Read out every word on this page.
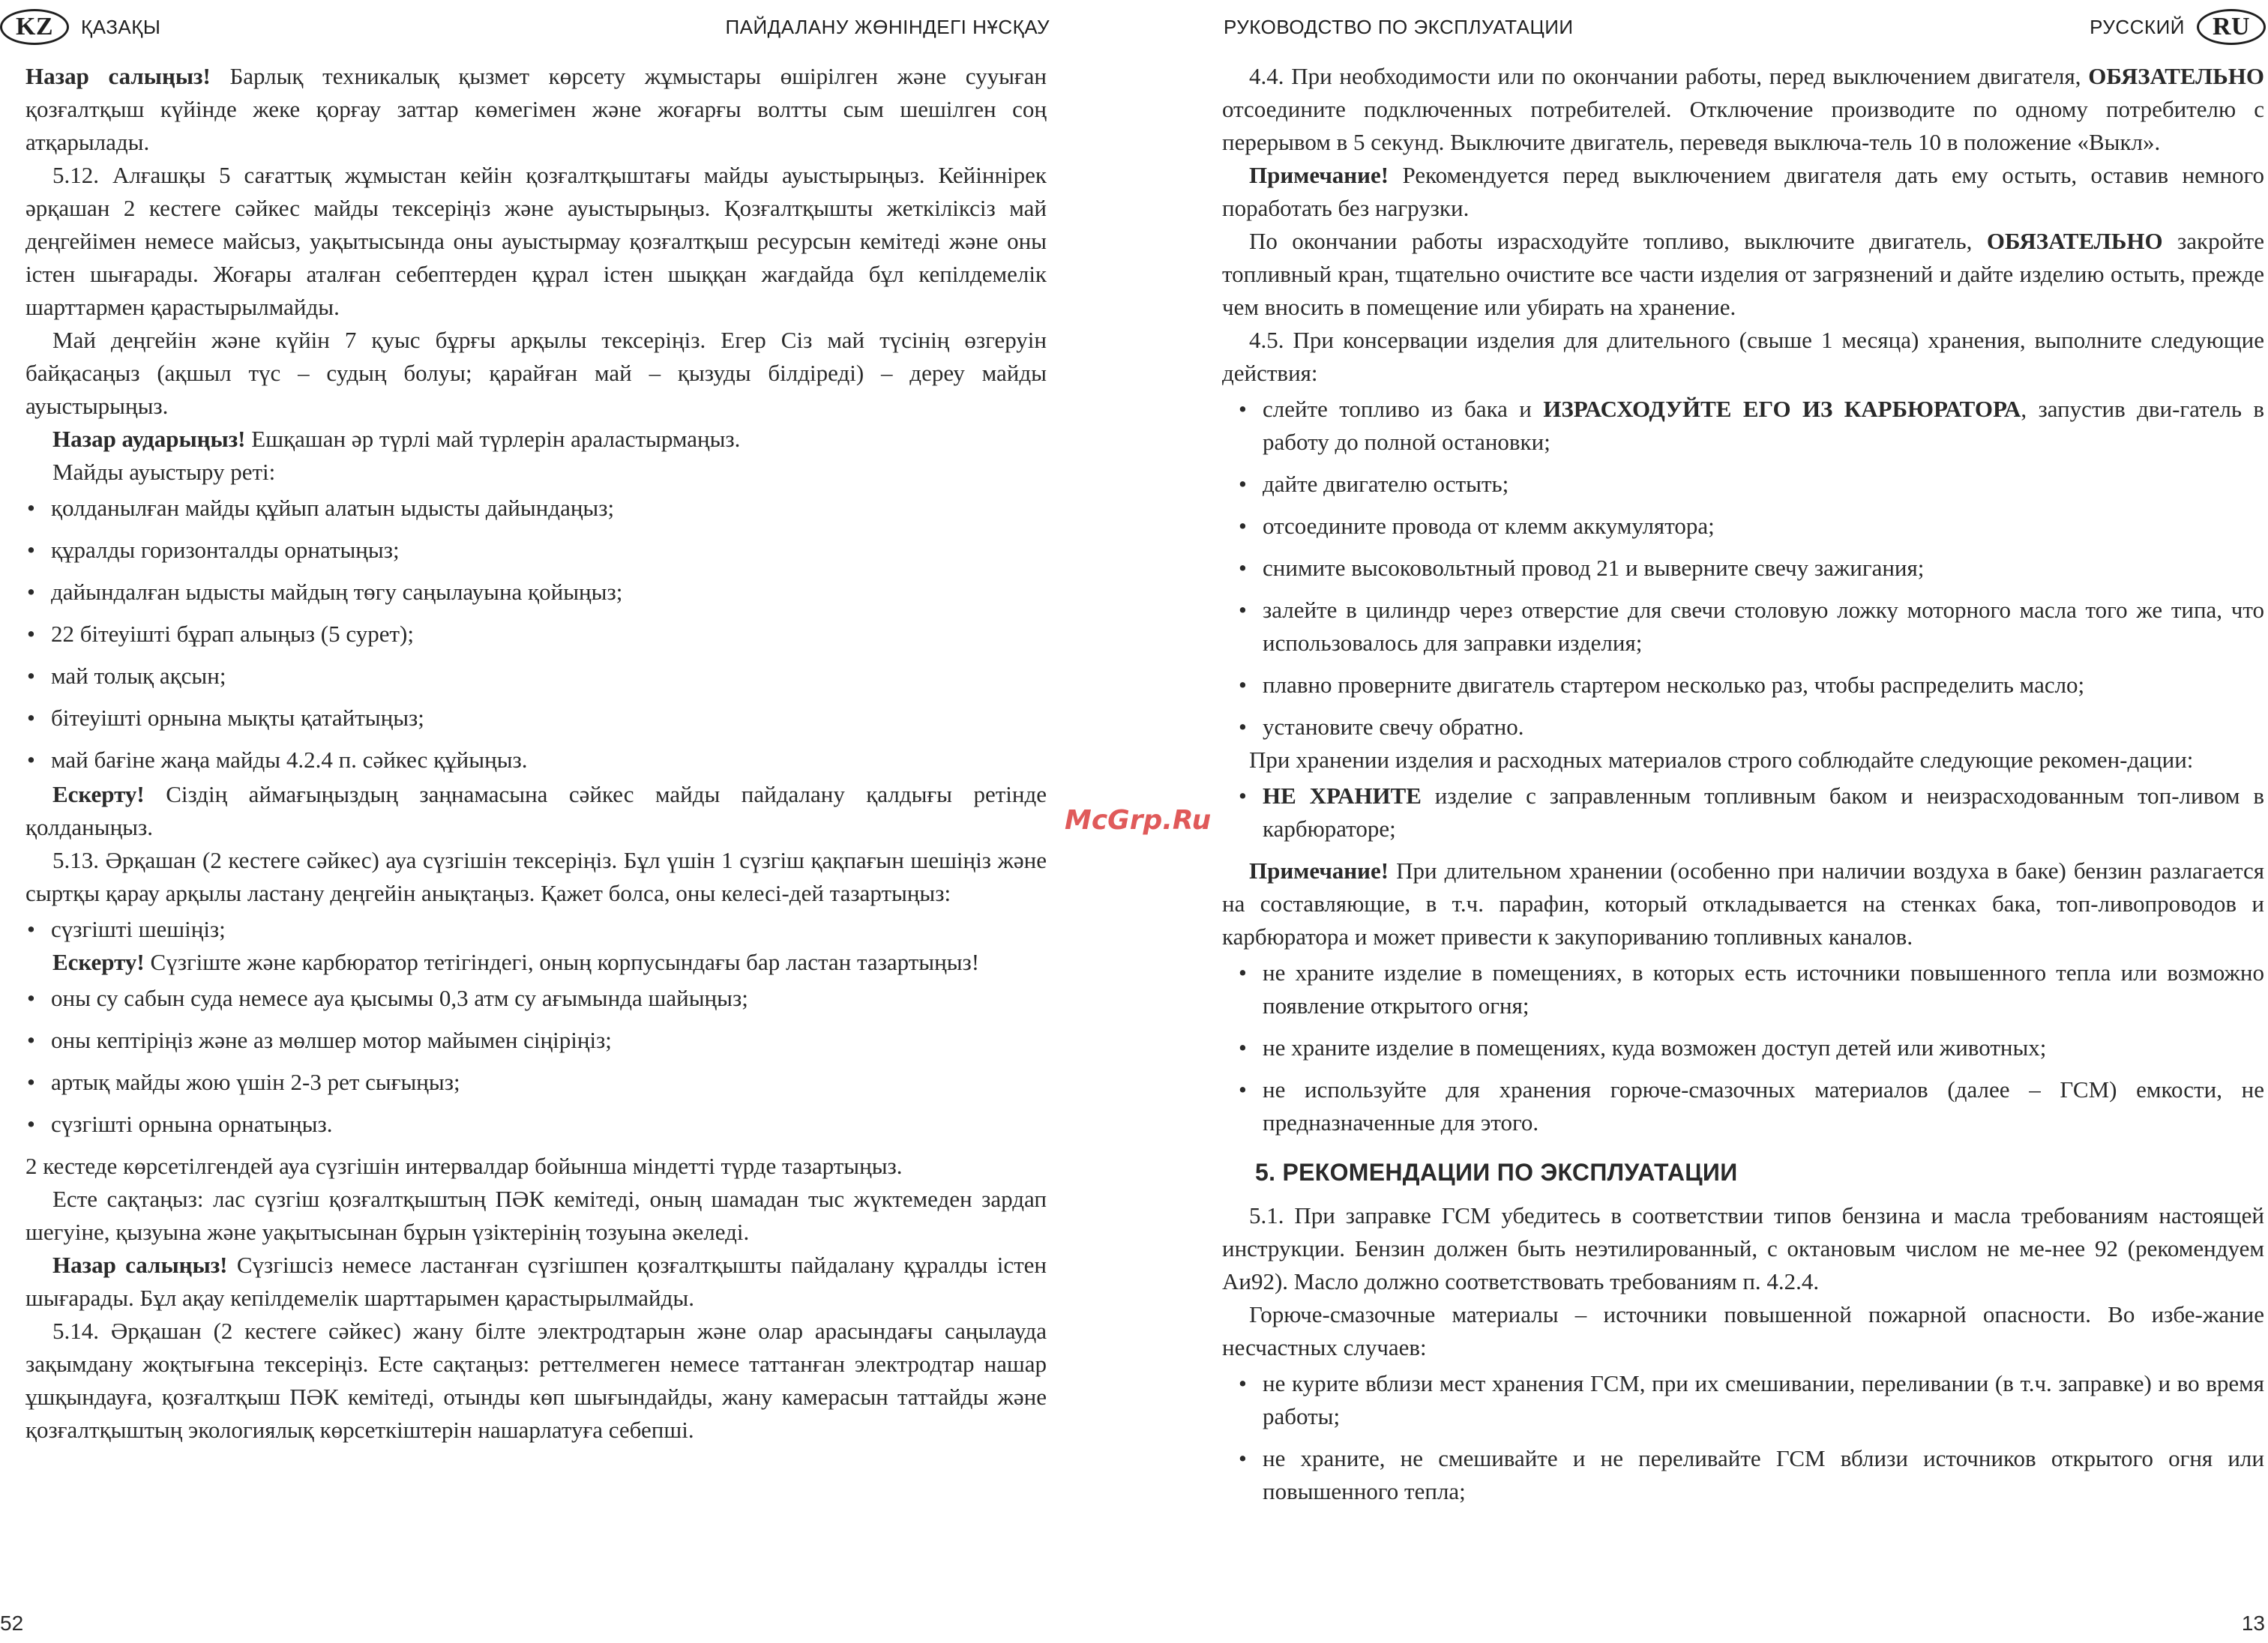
KZ	ҚАЗАҚЫ	ПАЙДАЛАНУ ЖӨНІНДЕГІ НҰСҚАУ

Назар салыңыз! Барлық техникалық қызмет көрсету жұмыстары өшірілген және сууыған қозғалтқыш күйінде жеке қорғау заттар көмегімен және жоғарғы волтты сым шешілген соң атқарылады.

5.12. Алғашқы 5 сағаттық жұмыстан кейін қозғалтқыштағы майды ауыстырыңыз. Кейіннірек әрқашан 2 кестеге сәйкес майды тексеріңіз және ауыстырыңыз. Қозғалтқышты жеткіліксіз май деңгейімен немесе майсыз, уақытысында оны ауыстырмау қозғалтқыш ресурсын кемітеді және оны істен шығарады. Жоғары аталған себептерден құрал істен шыққан жағдайда бұл кепілдемелік шарттармен қарастырылмайды.

Май деңгейін және күйін 7 қуыс бұрғы арқылы тексеріңіз. Егер Сіз май түсінің өзгеруін байқасаңыз (ақшыл түс – судың болуы; қарайған май – қызуды білдіреді) – дереу майды ауыстырыңыз.

Назар аударыңыз! Ешқашан әр түрлі май түрлерін араластырмаңыз.

Майды ауыстыру реті:

• қолданылған майды құйып алатын ыдысты дайындаңыз;
• құралды горизонталды орнатыңыз;
• дайындалған ыдысты майдың төгу саңылауына қойыңыз;
• 22 бітеуішті бұрап алыңыз (5 сурет);
• май толық ақсын;
• бітеуішті орнына мықты қатайтыңыз;
• май бағіне жаңа майды 4.2.4 п. сәйкес құйыңыз.

Ескерту! Сіздің аймағыңыздың заңнамасына сәйкес майды пайдалану қалдығы ретінде қолданыңыз.

5.13. Әрқашан (2 кестеге сәйкес) ауа сүзгішін тексеріңіз. Бұл үшін 1 сүзгіш қақпағын шешіңіз және сыртқы қарау арқылы ластану деңгейін анықтаңыз. Қажет болса, оны келесі-дей тазартыңыз:

• сүзгішті шешіңіз;

Ескерту! Сүзгіште және карбюратор тетігіндегі, оның корпусындағы бар ластан тазартыңыз!

• оны су сабын суда немесе ауа қысымы 0,3 атм су ағымында шайыңыз;
• оны кептіріңіз және аз мөлшер мотор майымен сіңіріңіз;
• артық майды жою үшін 2-3 рет сығыңыз;
• сүзгішті орнына орнатыңыз.

2 кестеде көрсетілгендей ауа сүзгішін интервалдар бойынша міндетті түрде тазартыңыз.

Есте сақтаңыз: лас сүзгіш қозғалтқыштың ПӘК кемітеді, оның шамадан тыс жүктемеден зардап шегуіне, қызуына және уақытысынан бұрын үзіктерінің тозуына әкеледі.

Назар салыңыз! Сүзгішсіз немесе ластанған сүзгішпен қозғалтқышты пайдалану құралды істен шығарады. Бұл ақау кепілдемелік шарттарымен қарастырылмайды.

5.14. Әрқашан (2 кестеге сәйкес) жану білте электродтарын және олар арасындағы саңылауда зақымдану жоқтығына тексеріңіз. Есте сақтаңыз: реттелмеген немесе таттанған электродтар нашар ұшқындауға, қозғалтқыш ПӘК кемітеді, отынды көп шығындайды, жану камерасын таттайды және қозғалтқыштың экологиялық көрсеткіштерін нашарлатуға себепші.

52
РУКОВОДСТВО ПО ЭКСПЛУАТАЦИИ	РУССКИЙ	RU

4.4. При необходимости или по окончании работы, перед выключением двигателя, ОБЯЗАТЕЛЬНО отсоедините подключенных потребителей. Отключение производите по одному потребителю с перерывом в 5 секунд. Выключите двигатель, переведя выключа-тель 10 в положение «Выкл».

Примечание! Рекомендуется перед выключением двигателя дать ему остыть, оставив немного поработать без нагрузки.

По окончании работы израсходуйте топливо, выключите двигатель, ОБЯЗАТЕЛЬНО закройте топливный кран, тщательно очистите все части изделия от загрязнений и дайте изделию остыть, прежде чем вносить в помещение или убирать на хранение.

4.5. При консервации изделия для длительного (свыше 1 месяца) хранения, выполните следующие действия:

• слейте топливо из бака и ИЗРАСХОДУЙТЕ ЕГО ИЗ КАРБЮРАТОРА, запустив дви-гатель в работу до полной остановки;
• дайте двигателю остыть;
• отсоедините провода от клемм аккумулятора;
• снимите высоковольтный провод 21 и выверните свечу зажигания;
• залейте в цилиндр через отверстие для свечи столовую ложку моторного масла того же типа, что использовалось для заправки изделия;
• плавно проверните двигатель стартером несколько раз, чтобы распределить масло;
• установите свечу обратно.

При хранении изделия и расходных материалов строго соблюдайте следующие рекомен-дации:

• НЕ ХРАНИТЕ изделие с заправленным топливным баком и неизрасходованным топ-ливом в карбюраторе;

Примечание! При длительном хранении (особенно при наличии воздуха в баке) бензин разлагается на составляющие, в т.ч. парафин, который откладывается на стенках бака, топ-ливопроводов и карбюратора и может привести к закупориванию топливных каналов.

• не храните изделие в помещениях, в которых есть источники повышенного тепла или возможно появление открытого огня;
• не храните изделие в помещениях, куда возможен доступ детей или животных;
• не используйте для хранения горюче-смазочных материалов (далее – ГСМ) емкости, не предназначенные для этого.
5. РЕКОМЕНДАЦИИ ПО ЭКСПЛУАТАЦИИ

5.1. При заправке ГСМ убедитесь в соответствии типов бензина и масла требованиям настоящей инструкции. Бензин должен быть неэтилированный, с октановым числом не ме-нее 92 (рекомендуем Аи92). Масло должно соответствовать требованиям п. 4.2.4.

Горюче-смазочные материалы – источники повышенной пожарной опасности. Во избе-жание несчастных случаев:

• не курите вблизи мест хранения ГСМ, при их смешивании, переливании (в т.ч. заправке) и во время работы;
• не храните, не смешивайте и не переливайте ГСМ вблизи источников открытого огня или повышенного тепла;
13
McGrp.Ru
